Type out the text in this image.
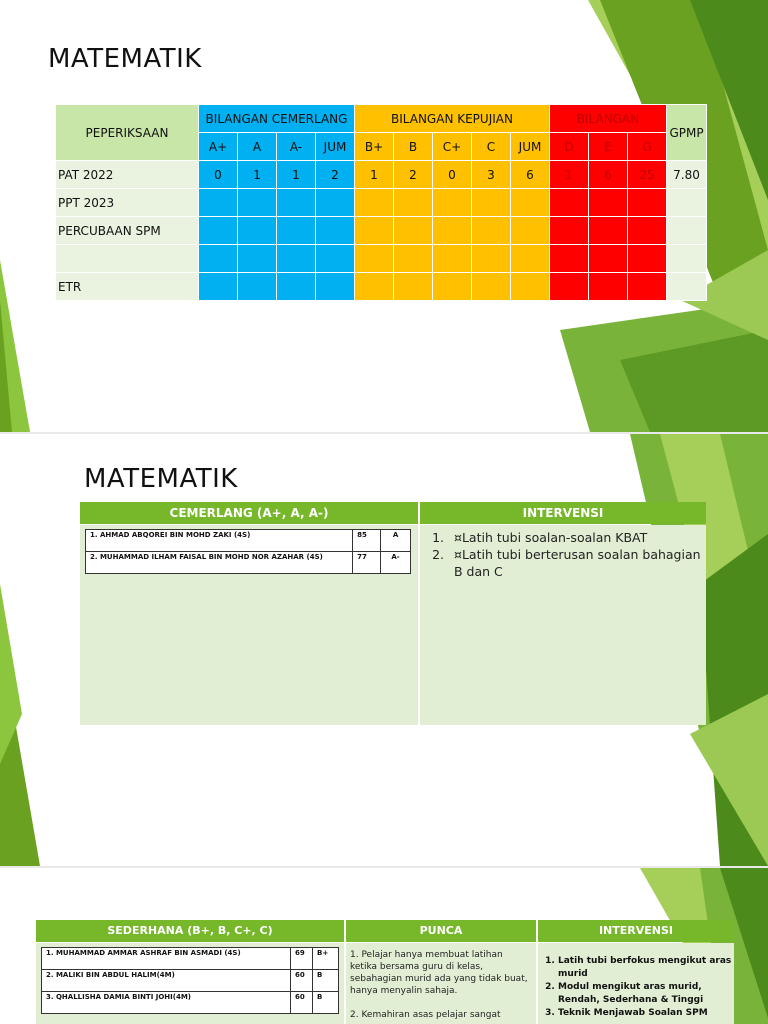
MATEMATIK
PEPERIKSAAN	BILANGAN CEMERLANG				BILANGAN KEPUJIAN					BILANGAN			GPMP
	A+	A	A-	JUM	B+	B	C+	C	JUM	D	E	G	
PAT 2022	0	1	1	2	1	2	0	3	6	1	6	25	7.80
PPT 2023													
PERCUBAAN SPM													

ETR													
MATEMATIK
CEMERLANG (A+, A, A-)	INTERVENSI
1. AHMAD ABQOREI BIN MOHD ZAKI (4S)	85	A
2. MUHAMMAD ILHAM FAISAL BIN MOHD NOR AZAHAR (4S)	77	A-
1. ¤Latih tubi soalan-soalan KBAT
2. ¤Latih tubi berterusan soalan bahagian B dan C
SEDERHANA (B+, B, C+, C)	PUNCA	INTERVENSI
1. MUHAMMAD AMMAR ASHRAF BIN ASMADI (4S)	69	B+
2. MALIKI BIN ABDUL HALIM(4M)	60	B
3. QHALLISHA DAMIA BINTI JOHI(4M)	60	B

1. Pelajar hanya membuat latihan ketika bersama guru di kelas, sebahagian murid ada yang tidak buat, hanya menyalin sahaja.

2. Kemahiran asas pelajar sangat

1. Latih tubi berfokus mengikut aras murid
2. Modul mengikut aras murid, Rendah, Sederhana & Tinggi
3. Teknik Menjawab Soalan SPM
